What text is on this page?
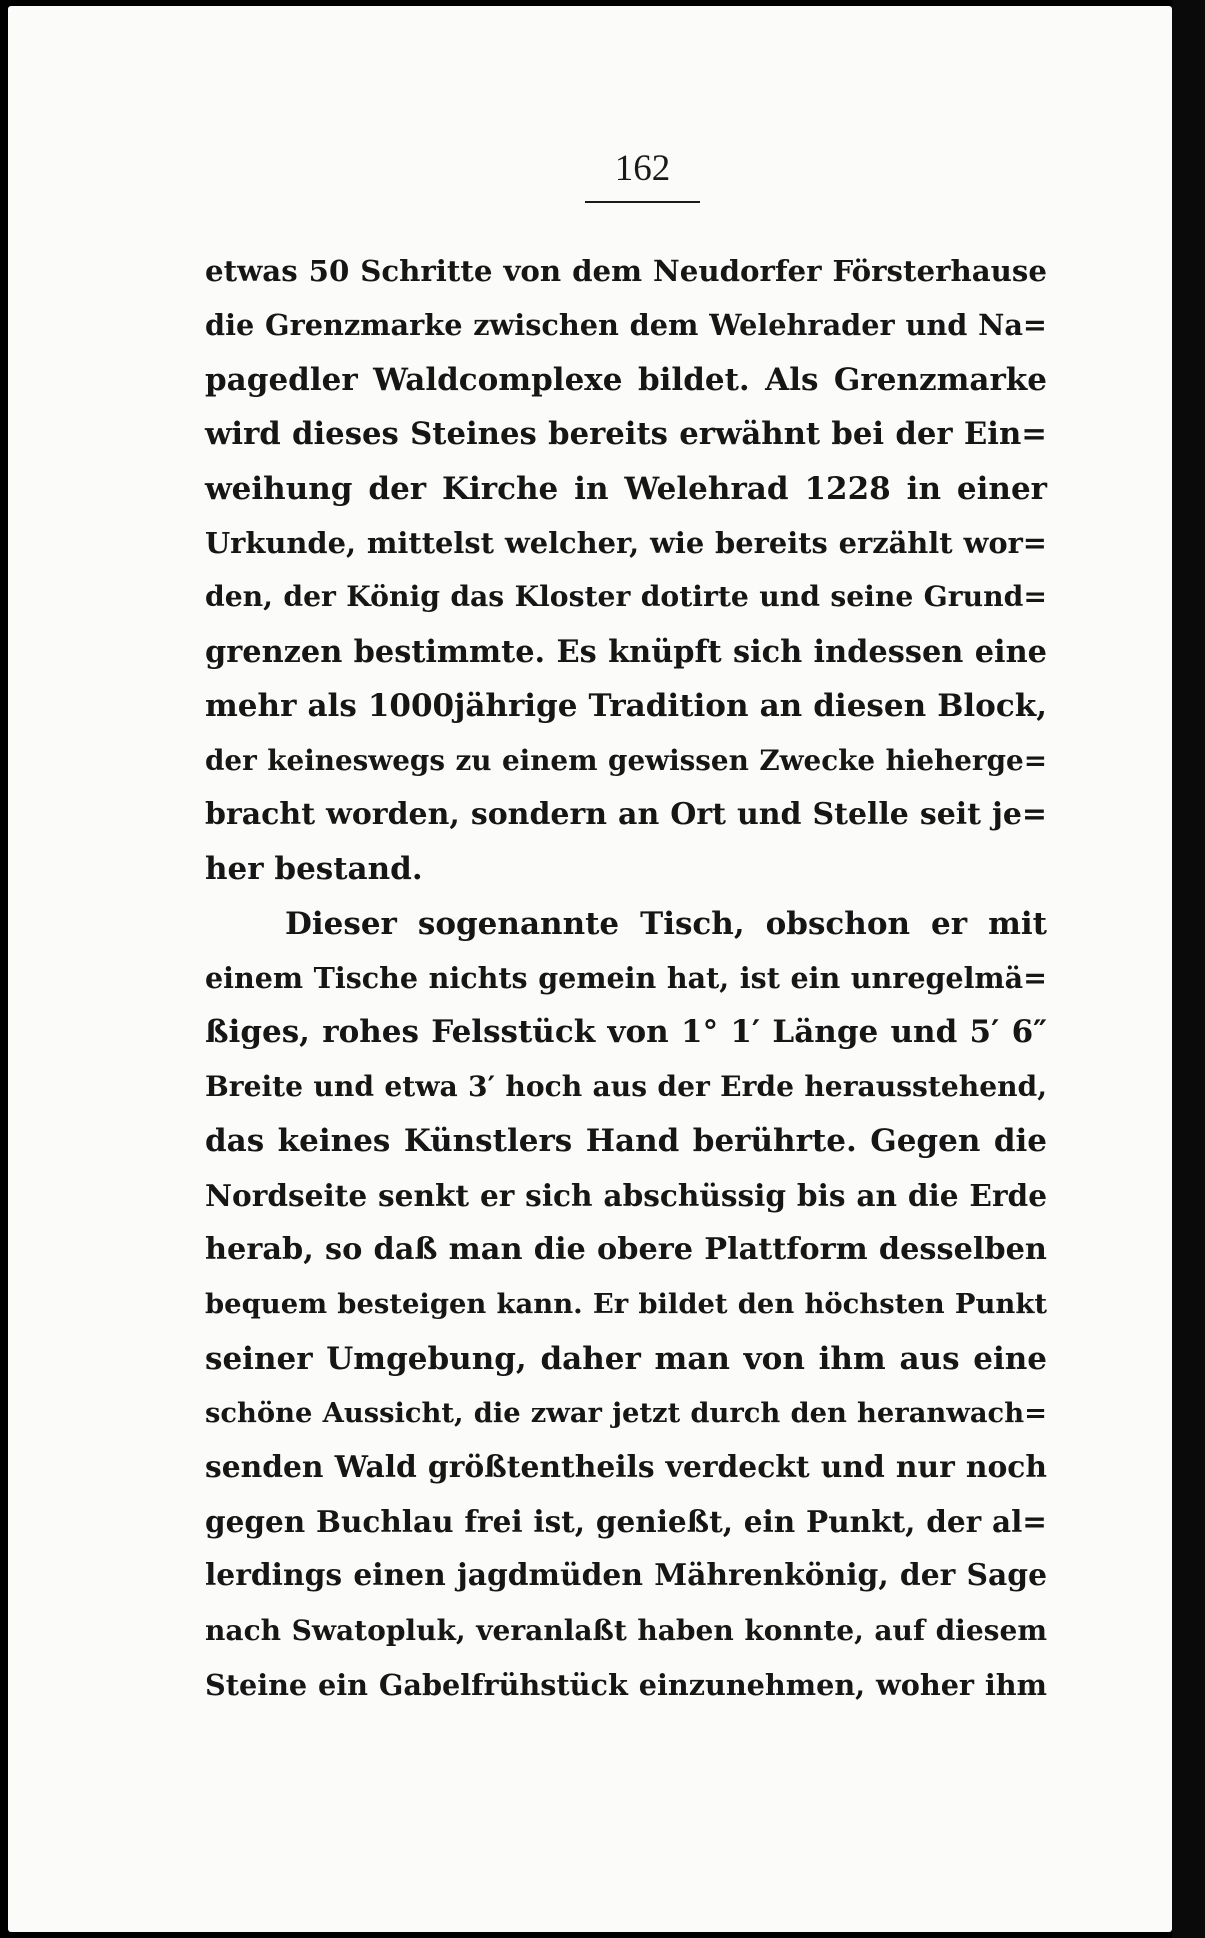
162
etwas 50 Schritte von dem Neudorfer Försterhause
die Grenzmarke zwischen dem Welehrader und Na=
pagedler Waldcomplexe bildet. Als Grenzmarke
wird dieses Steines bereits erwähnt bei der Ein=
weihung der Kirche in Welehrad 1228 in einer
Urkunde, mittelst welcher, wie bereits erzählt wor=
den, der König das Kloster dotirte und seine Grund=
grenzen bestimmte. Es knüpft sich indessen eine
mehr als 1000jährige Tradition an diesen Block,
der keineswegs zu einem gewissen Zwecke hieherge=
bracht worden, sondern an Ort und Stelle seit je=
her bestand.
Dieser sogenannte Tisch, obschon er mit
einem Tische nichts gemein hat, ist ein unregelmä=
ßiges, rohes Felsstück von 1° 1′ Länge und 5′ 6″
Breite und etwa 3′ hoch aus der Erde herausstehend,
das keines Künstlers Hand berührte. Gegen die
Nordseite senkt er sich abschüssig bis an die Erde
herab, so daß man die obere Plattform desselben
bequem besteigen kann. Er bildet den höchsten Punkt
seiner Umgebung, daher man von ihm aus eine
schöne Aussicht, die zwar jetzt durch den heranwach=
senden Wald größtentheils verdeckt und nur noch
gegen Buchlau frei ist, genießt, ein Punkt, der al=
lerdings einen jagdmüden Mährenkönig, der Sage
nach Swatopluk, veranlaßt haben konnte, auf diesem
Steine ein Gabelfrühstück einzunehmen, woher ihm
